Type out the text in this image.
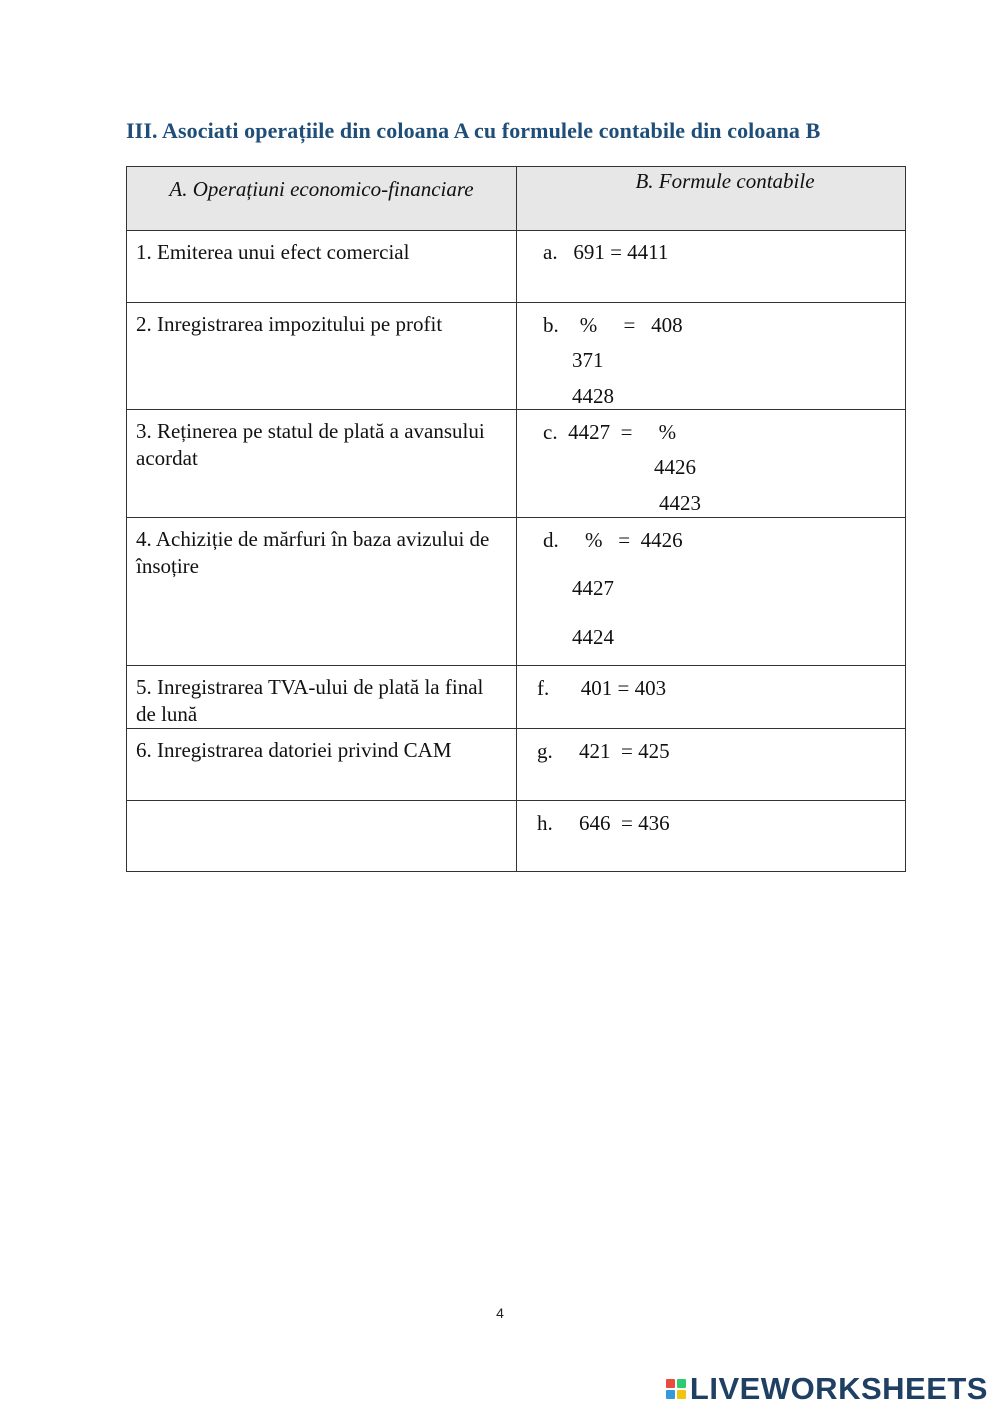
III. Asociati operațiile din coloana A cu formulele contabile din coloana B
A. Operațiuni economico-financiare	B. Formule contabile

1. Emiterea unui efect comercial	a.   691 = 4411

2. Inregistrarea impozitului pe profit	b.    %     =   408
371
4428

3. Reținerea pe statul de plată a avansului acordat	c.  4427  =     %
4426
4423

4. Achiziție de mărfuri în baza avizului de însoțire	d.     %   =  4426
4427
4424

5. Inregistrarea TVA-ului de plată la final de lună	f.      401 = 403

6. Inregistrarea datoriei privind CAM	g.     421  = 425

	h.     646  = 436
4
LIVEWORKSHEETS
